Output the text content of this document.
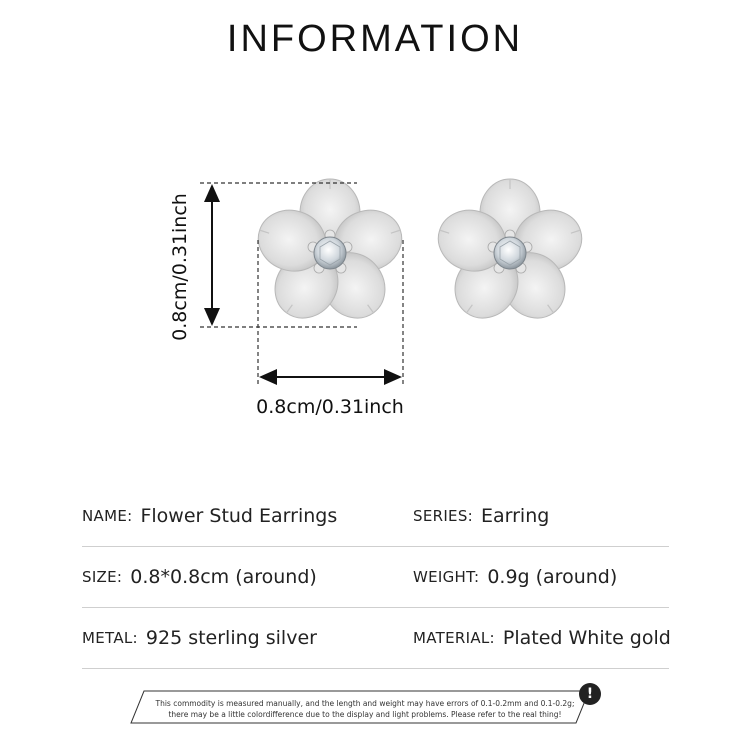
INFORMATION
0.8cm/0.31inch
0.8cm/0.31inch
NAME: Flower Stud Earrings	SERIES: Earring
SIZE: 0.8*0.8cm (around)	WEIGHT: 0.9g (around)
METAL: 925 sterling silver	MATERIAL: Plated White gold
This commodity is measured manually, and the length and weight may have errors of 0.1-0.2mm and 0.1-0.2g;
there may be a little colordifference due to the display and light problems. Please refer to the real thing!
!
